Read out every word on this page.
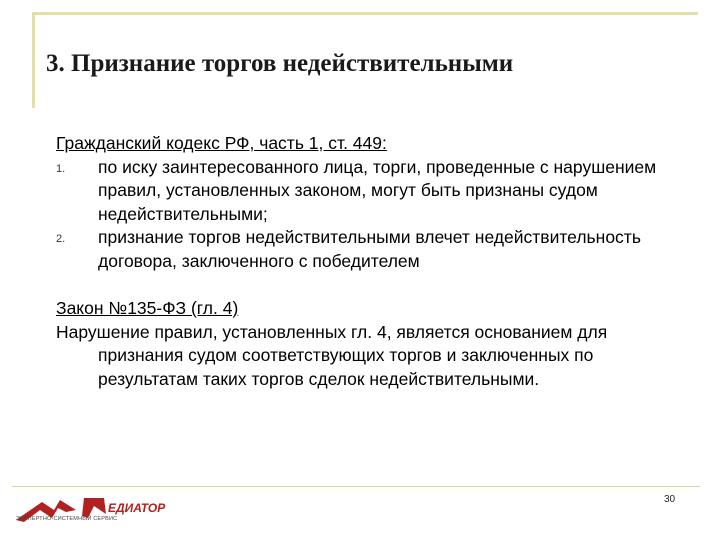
3. Признание торгов недействительными
Гражданский кодекс РФ, часть 1, ст. 449:
1. по иску заинтересованного лица, торги, проведенные с нарушением правил, установленных законом, могут быть признаны судом недействительными;
2. признание торгов недействительными влечет недействительность договора, заключенного с победителем
Закон №135-ФЗ (гл. 4)
Нарушение правил, установленных гл. 4, является основанием для признания судом соответствующих торгов и заключенных по результатам таких торгов сделок недействительными.
ЕДИАТОР
ЭКСПЕРТНО-СИСТЕМНЫЙ СЕРВИС
30
